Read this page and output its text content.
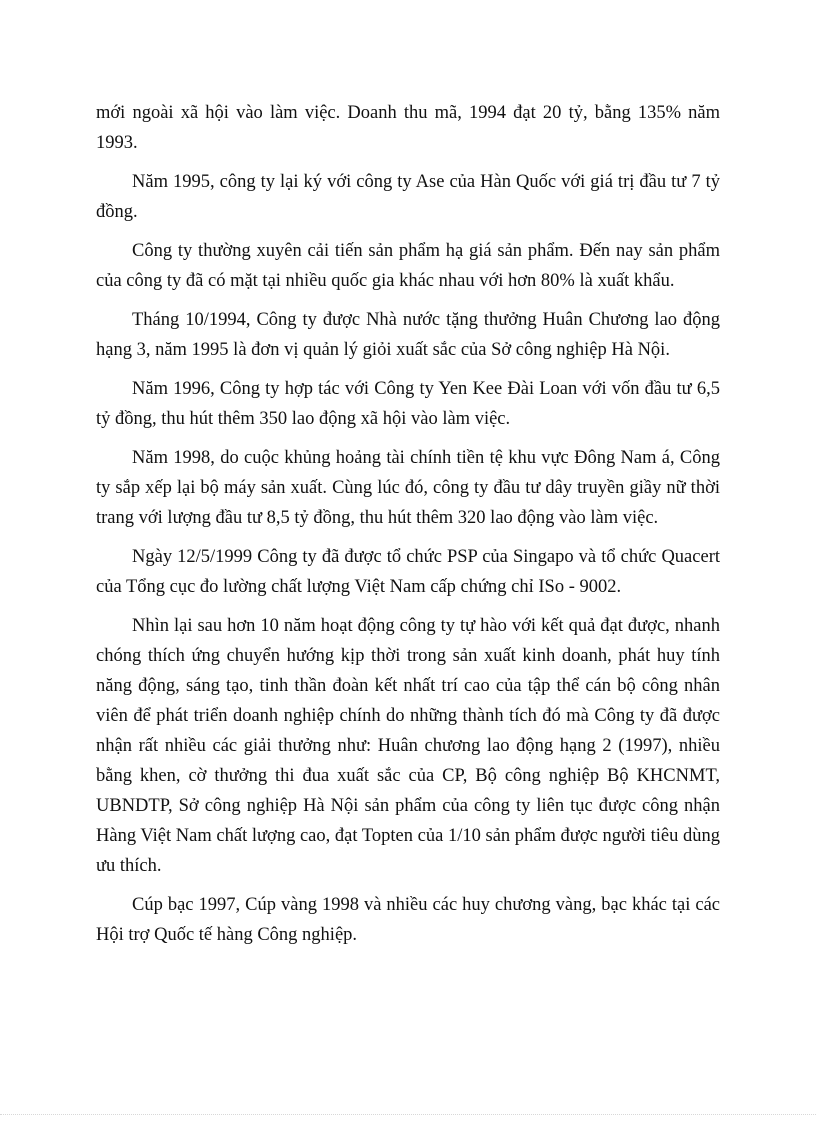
mới ngoài xã hội vào làm việc. Doanh thu mã, 1994 đạt 20 tỷ, bằng 135% năm 1993.

Năm 1995, công ty lại ký với công ty Ase của Hàn Quốc với giá trị đầu tư 7 tỷ đồng.

Công ty thường xuyên cải tiến sản phẩm hạ giá sản phẩm. Đến nay sản phẩm của công ty đã có mặt tại nhiều quốc gia khác nhau với hơn 80% là xuất khẩu.

Tháng 10/1994, Công ty được Nhà nước tặng thưởng Huân Chương lao động hạng 3, năm 1995 là đơn vị quản lý giỏi xuất sắc của Sở công nghiệp Hà Nội.

Năm 1996, Công ty hợp tác với Công ty Yen Kee Đài Loan với vốn đầu tư 6,5 tỷ đồng, thu hút thêm 350 lao động xã hội vào làm việc.

Năm 1998, do cuộc khủng hoảng tài chính tiền tệ khu vực Đông Nam á, Công ty sắp xếp lại bộ máy sản xuất. Cùng lúc đó, công ty đầu tư dây truyền giầy nữ thời trang với lượng đầu tư 8,5 tỷ đồng, thu hút thêm 320 lao động vào làm việc.

Ngày 12/5/1999 Công ty đã được tổ chức PSP của Singapo và tổ chức Quacert của Tổng cục đo lường chất lượng Việt Nam cấp chứng chỉ ISo - 9002.

Nhìn lại sau hơn 10 năm hoạt động công ty tự hào với kết quả đạt được, nhanh chóng thích ứng chuyển hướng kịp thời trong sản xuất kinh doanh, phát huy tính năng động, sáng tạo, tinh thần đoàn kết nhất trí cao của tập thể cán bộ công nhân viên để phát triển doanh nghiệp chính do những thành tích đó mà Công ty đã được nhận rất nhiều các giải thưởng như: Huân chương lao động hạng 2 (1997), nhiều bằng khen, cờ thưởng thi đua xuất sắc của CP, Bộ công nghiệp Bộ KHCNMT, UBNDTP, Sở công nghiệp Hà Nội sản phẩm của công ty liên tục được công nhận Hàng Việt Nam chất lượng cao, đạt Topten của 1/10 sản phẩm được người tiêu dùng ưu thích.

Cúp bạc 1997, Cúp vàng 1998 và nhiều các huy chương vàng, bạc khác tại các Hội trợ Quốc tế hàng Công nghiệp.
